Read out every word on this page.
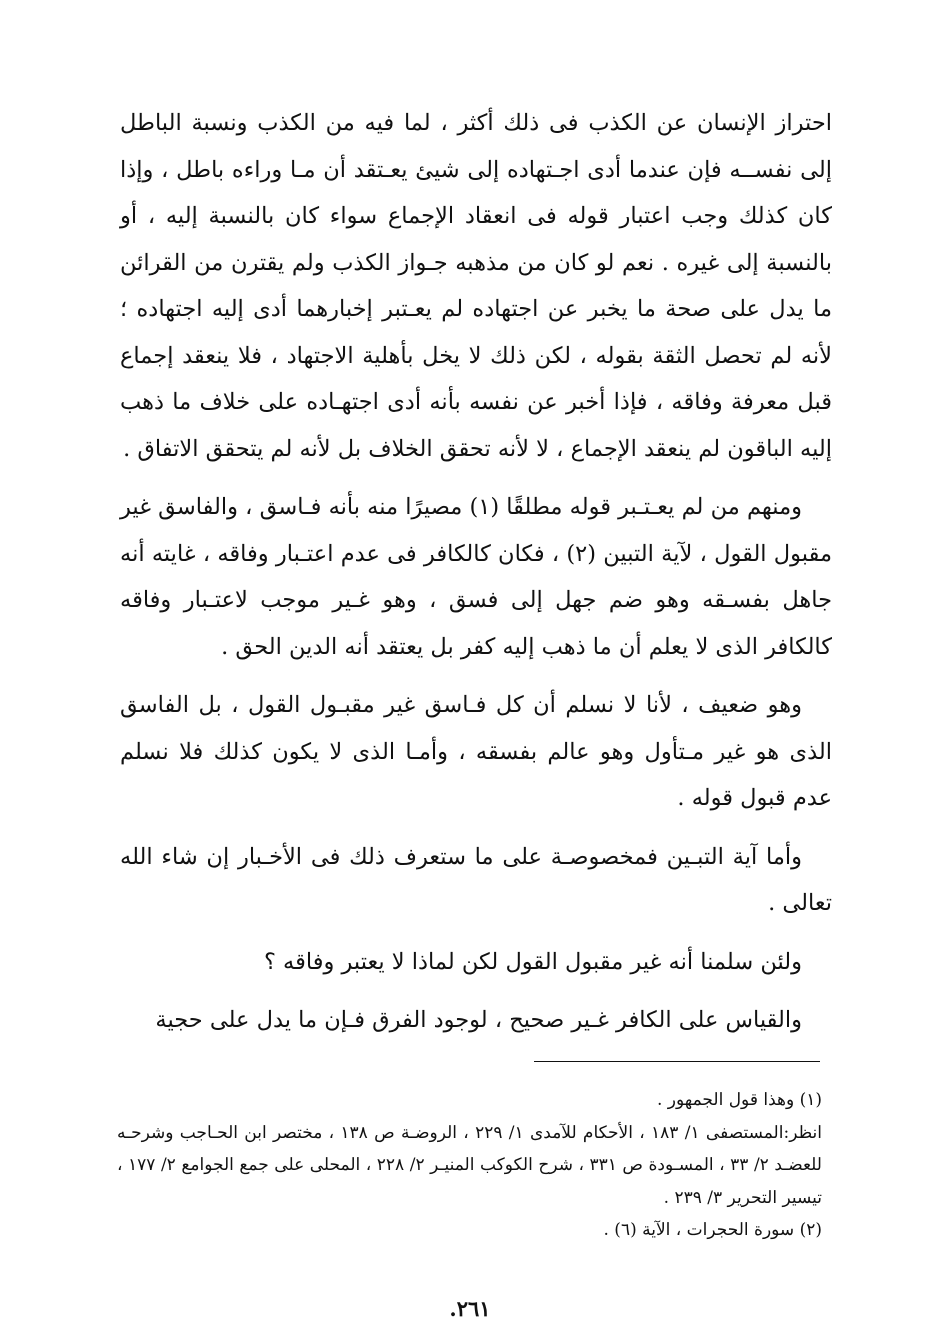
احتراز الإنسان عن الكذب فى ذلك أكثر ، لما فيه من الكذب ونسبة الباطل إلى نفســه فإن عندما أدى اجـتهاده إلى شيئ يعـتقد أن مـا وراءه باطل ، وإذا كان كذلك وجب اعتبار قوله فى انعقاد الإجماع سواء كان بالنسبة إليه ، أو بالنسبة إلى غيره . نعم لو كان من مذهبه جـواز الكذب ولم يقترن من القرائن ما يدل على صحة ما يخبر عن اجتهاده لم يعـتبر إخبارهما أدى إليه اجتهاده ؛ لأنه لم تحصل الثقة بقوله ، لكن ذلك لا يخل بأهلية الاجتهاد ، فلا ينعقد إجماع قبل معرفة وفاقه ، فإذا أخبر عن نفسه بأنه أدى اجتهـاده على خلاف ما ذهب إليه الباقون لم ينعقد الإجماع ، لا لأنه تحقق الخلاف بل لأنه لم يتحقق الاتفاق .

ومنهم من لم يعـتـبر قوله مطلقًا (١) مصيرًا منه بأنه فـاسق ، والفاسق غير مقبول القول ، لآية التبين (٢) ، فكان كالكافر فى عدم اعتـبار وفاقه ، غايته أنه جاهل بفسـقه وهو ضم جهل إلى فسق ، وهو غـير موجب لاعتـبار وفاقه كالكافر الذى لا يعلم أن ما ذهب إليه كفر بل يعتقد أنه الدين الحق .

وهو ضعيف ، لأنا لا نسلم أن كل فـاسق غير مقبـول القول ، بل الفاسق الذى هو غير مـتأول وهو عالم بفسقه ، وأمـا الذى لا يكون كذلك فلا نسلم عدم قبول قوله .

وأما آية التبـين فمخصوصـة على ما ستعرف ذلك فى الأخـبار إن شاء الله تعالى .

ولئن سلمنا أنه غير مقبول القول لكن لماذا لا يعتبر وفاقه ؟

والقياس على الكافر غـير صحيح ، لوجود الفرق فـإن ما يدل على حجية

(١) وهذا قول الجمهور .

انظر:المستصفى ١/ ١٨٣ ، الأحكام للآمدى ١/ ٢٢٩ ، الروضـة ص ١٣٨ ، مختصر ابن الحـاجب وشرحـه للعضـد ٢/ ٣٣ ، المسـودة ص ٣٣١ ، شرح الكوكب المنيـر ٢/ ٢٢٨ ، المحلى على جمع الجوامع ٢/ ١٧٧ ، تيسير التحرير ٣/ ٢٣٩ .

(٢) سورة الحجرات ، الآية (٦) .

٢٦١.
